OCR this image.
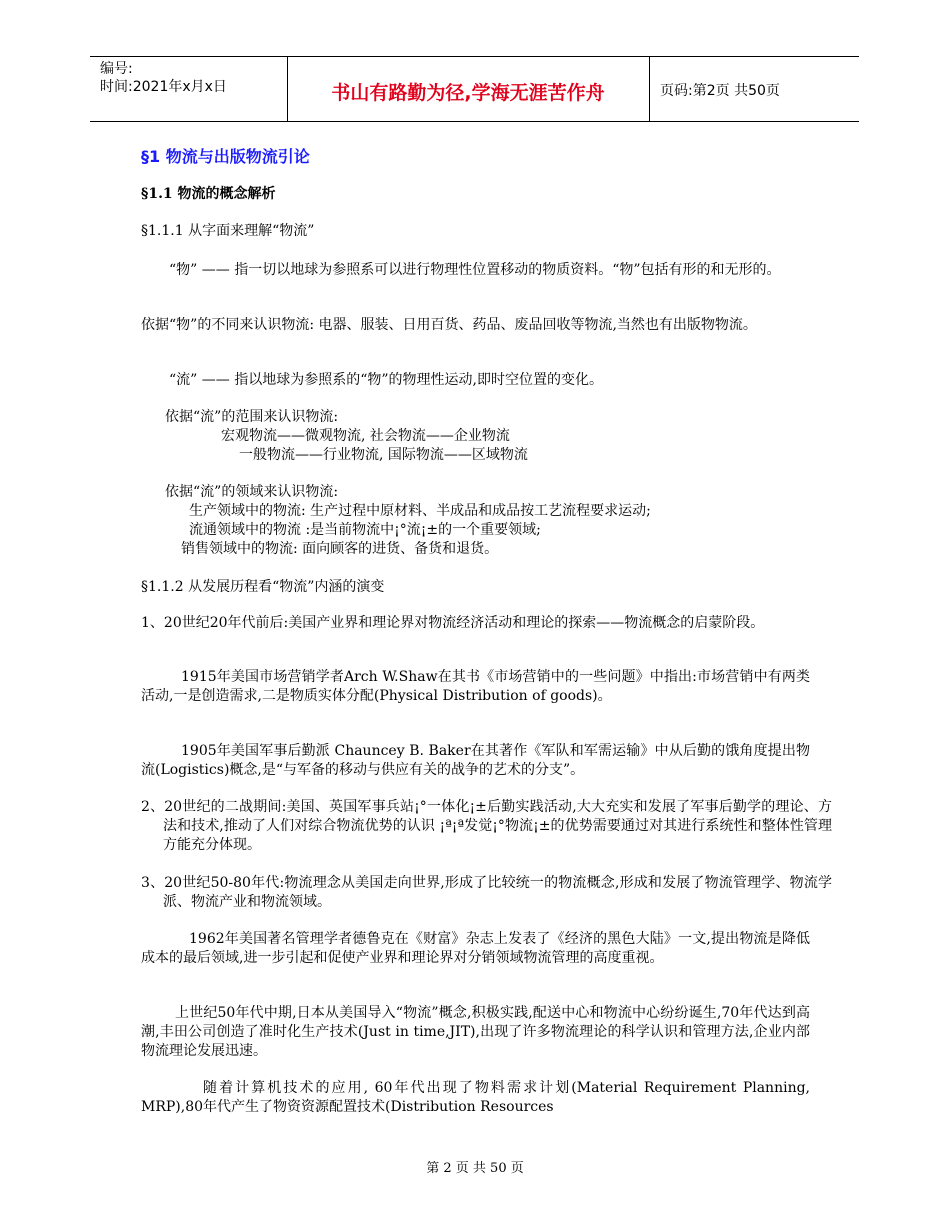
编号:
时间:2021年x月x日	书山有路勤为径,学海无涯苦作舟	页码:第2页 共50页
§1 物流与出版物流引论
§1.1 物流的概念解析
§1.1.1 从字面来理解“物流”
“物” —— 指一切以地球为参照系可以进行物理性位置移动的物质资料。“物”包括有形的和无形的。
依据“物”的不同来认识物流: 电器、服装、日用百货、药品、废品回收等物流,当然也有出版物物流。
“流” —— 指以地球为参照系的“物”的物理性运动,即时空位置的变化。
依据“流”的范围来认识物流:
宏观物流——微观物流, 社会物流——企业物流
一般物流——行业物流, 国际物流——区域物流
依据“流”的领域来认识物流:
生产领域中的物流: 生产过程中原材料、半成品和成品按工艺流程要求运动;
流通领域中的物流 :是当前物流中¡°流¡±的一个重要领域;
销售领域中的物流: 面向顾客的进货、备货和退货。
§1.1.2 从发展历程看“物流”内涵的演变
1、20世纪20年代前后:美国产业界和理论界对物流经济活动和理论的探索——物流概念的启蒙阶段。
1915年美国市场营销学者Arch W.Shaw在其书《市场营销中的一些问题》中指出:市场营销中有两类活动,一是创造需求,二是物质实体分配(Physical Distribution of goods)。
1905年美国军事后勤派 Chauncey B. Baker在其著作《军队和军需运输》中从后勤的饿角度提出物流(Logistics)概念,是“与军备的移动与供应有关的战争的艺术的分支”。
2、20世纪的二战期间:美国、英国军事兵站¡°一体化¡±后勤实践活动,大大充实和发展了军事后勤学的理论、方法和技术,推动了人们对综合物流优势的认识 ¡ª¡ª发觉¡°物流¡±的优势需要通过对其进行系统性和整体性管理方能充分体现。
3、20世纪50-80年代:物流理念从美国走向世界,形成了比较统一的物流概念,形成和发展了物流管理学、物流学派、物流产业和物流领域。
1962年美国著名管理学者德鲁克在《财富》杂志上发表了《经济的黑色大陆》一文,提出物流是降低成本的最后领域,进一步引起和促使产业界和理论界对分销领域物流管理的高度重视。
上世纪50年代中期,日本从美国导入“物流”概念,积极实践,配送中心和物流中心纷纷诞生,70年代达到高潮,丰田公司创造了准时化生产技术(Just in time,JIT),出现了许多物流理论的科学认识和管理方法,企业内部物流理论发展迅速。
随着计算机技术的应用, 60年代出现了物料需求计划(Material Requirement Planning, MRP),80年代产生了物资资源配置技术(Distribution Resources
第 2 页 共 50 页
